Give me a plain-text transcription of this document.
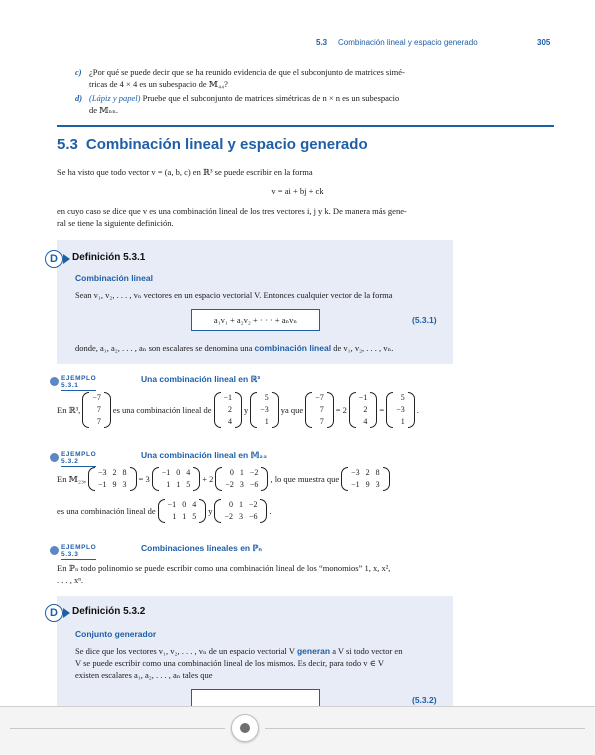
5.3 Combinación lineal y espacio generado	305
c) ¿Por qué se puede decir que se ha reunido evidencia de que el subconjunto de matrices simé-
tricas de 4 × 4 es un subespacio de 𝕄₄₄?
d) (Lápiz y papel) Pruebe que el subconjunto de matrices simétricas de n × n es un subespacio
de 𝕄ₙₙ.
5.3 Combinación lineal y espacio generado
Se ha visto que todo vector v = (a, b, c) en ℝ³ se puede escribir en la forma
v = ai + bj + ck
en cuyo caso se dice que v es una combinación lineal de los tres vectores i, j y k. De manera más gene-
ral se tiene la siguiente definición.
D	Definición 5.3.1
Combinación lineal
Sean v₁, v₂, . . . , vₙ vectores en un espacio vectorial V. Entonces cualquier vector de la forma
a₁v₁ + a₂v₂ + · · · + aₙvₙ	(5.3.1)
donde, a₁, a₂, . . . , aₙ son escalares se denomina una combinación lineal de v₁, v₂, . . . , vₙ.
EJEMPLO 5.3.1
Una combinación lineal en ℝ³
En ℝ³,
−7
7
7
es una combinación lineal de
−1
2
4
y
5
−3
1
ya que
−7
7
7
= 2
−1
2
4
=
5
−3
1
.
EJEMPLO 5.3.2
Una combinación lineal en 𝕄₂₃
En 𝕄₂₃,
−3	2	8
−1	9	3
= 3
−1	0	4
1	1	5
+ 2
0	1	−2
−2	3	−6
, lo que muestra que
−3	2	8
−1	9	3
es una combinación lineal de
−1	0	4
1	1	5
y
0	1	−2
−2	3	−6
.
EJEMPLO 5.3.3
Combinaciones lineales en ℙₙ
En ℙₙ todo polinomio se puede escribir como una combinación lineal de los “monomios” 1, x, x²,
. . . , xⁿ.
D	Definición 5.3.2
Conjunto generador
Se dice que los vectores v₁, v₂, . . . , vₙ de un espacio vectorial V generan a V si todo vector en
V se puede escribir como una combinación lineal de los mismos. Es decir, para todo v ∈ V
existen escalares a₁, a₂, . . . , aₙ tales que
(5.3.2)
